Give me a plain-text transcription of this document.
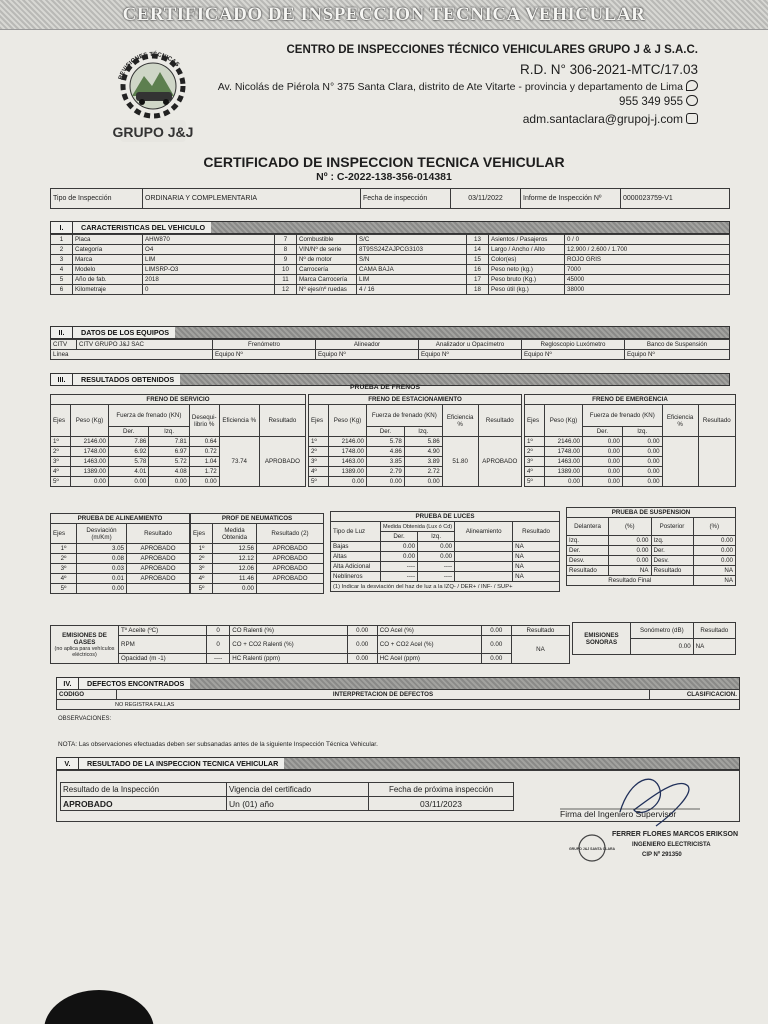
CERTIFICADO DE INSPECCION TECNICA VEHICULAR
REVISIONES TÉCNICAS
GRUPO J&J
CENTRO DE INSPECCIONES TÉCNICO VEHICULARES GRUPO J & J S.A.C.
R.D. N° 306-2021-MTC/17.03
Av. Nicolás de Piérola N° 375 Santa Clara, distrito de Ate Vitarte - provincia y departamento de Lima
955 349 955
adm.santaclara@grupoj-j.com
CERTIFICADO DE INSPECCION TECNICA VEHICULAR
Nº : C-2022-138-356-014381
Tipo de Inspección	ORDINARIA Y COMPLEMENTARIA	Fecha de inspección	03/11/2022	Informe de Inspección Nº	0000023759-V1
I. CARACTERISTICAS DEL VEHICULO
1	Placa	AHW870	7	Combustible	S/C	13	Asientos / Pasajeros	0 / 0
2	Categoría	O4	8	VIN/Nº de serie	8T9SS24ZAJPCG3103	14	Largo / Ancho / Alto	12.900 / 2.600 / 1.700
3	Marca	LIM	9	Nº de motor	S/N	15	Color(es)	ROJO GRIS
4	Modelo	LIMSRP-O3	10	Carrocería	CAMA BAJA	16	Peso neto (kg.)	7000
5	Año de fab.	2018	11	Marca Carrocería	LIM	17	Peso bruto (Kg.)	45000
6	Kilometraje	0	12	Nº ejes/nº ruedas	4 / 16	18	Peso útil (kg.)	38000
II. DATOS DE LOS EQUIPOS
CITV	CITV GRUPO J&J SAC	Frenómetro	Alineador	Analizador u Opacímetro	Regloscopio Luxómetro	Banco de Suspensión
Línea		Equipo Nº	Equipo Nº	Equipo Nº	Equipo Nº	Equipo Nº
III. RESULTADOS OBTENIDOS
PRUEBA DE FRENOS
FRENO DE SERVICIO						
Ejes	Peso (Kg)	Fuerza de frenado (KN)		Desequi-librio %	Eficiencia %	Resultado
		Der.	Izq.			
1º	2146.00	7.86	7.81	0.64	73.74	APROBADO
2º	1748.00	6.92	6.97	0.72		
3º	1463.00	5.78	5.72	1.04		
4º	1389.00	4.01	4.08	1.72		
5º	0.00	0.00	0.00	0.00		
FRENO DE ESTACIONAMIENTO					
Ejes	Peso (Kg)	Fuerza de frenado (KN)		Eficiencia %	Resultado
		Der.	Izq.		
1º	2146.00	5.78	5.86	51.80	APROBADO
2º	1748.00	4.86	4.90		
3º	1463.00	3.85	3.89		
4º	1389.00	2.79	2.72		
5º	0.00	0.00	0.00		
FRENO DE EMERGENCIA					
Ejes	Peso (Kg)	Fuerza de frenado (KN)		Eficiencia %	Resultado
		Der.	Izq.		
1º	2146.00	0.00	0.00		
2º	1748.00	0.00	0.00		
3º	1463.00	0.00	0.00		
4º	1389.00	0.00	0.00		
5º	0.00	0.00	0.00		
PRUEBA DE ALINEAMIENTO		
Ejes	Desviación (m/Km)	Resultado
1º	3.05	APROBADO
2º	0.08	APROBADO
3º	0.03	APROBADO
4º	0.01	APROBADO
5º	0.00	
PROF DE NEUMATICOS		
Ejes	Medida Obtenida	Resultado (2)
1º	12.56	APROBADO
2º	12.12	APROBADO
3º	12.06	APROBADO
4º	11.46	APROBADO
5º	0.00	
PRUEBA DE LUCES				
Tipo de Luz	Medida Obtenida (Lux ó Cd)		Alineamiento	Resultado
	Der.	Izq.		
Bajas	0.00	0.00		NA
Altas	0.00	0.00		NA
Alta Adicional	----	----		NA
Neblineros	----	----		NA
(1) Indicar la desviación del haz de luz a la IZQ- / DER+ / INF- / SUP+				
PRUEBA DE SUSPENSION			
Delantera	(%)	Posterior	(%)
Izq.	0.00	Izq.	0.00
Der.	0.00	Der.	0.00
Desv.	0.00	Desv.	0.00
Resultado	NA	Resultado	NA
Resultado Final			NA
EMISIONES DE GASES
(no aplica para vehículos eléctricos)	Tº Aceite (ºC)	0	CO Ralenti (%)	0.00	CO Acel (%)	0.00	Resultado
	RPM	0	CO + CO2 Ralenti (%)	0.00	CO + CO2 Acel (%)	0.00	NA
	Opacidad (m -1)	----	HC Ralenti (ppm)	0.00	HC Acel (ppm)	0.00	
EMISIONES SONORAS	Sonómetro (dB)	Resultado
	0.00	NA
IV. DEFECTOS ENCONTRADOS
CODIGO	INTERPRETACION DE DEFECTOS	CLASIFICACION.
NO REGISTRA FALLAS
OBSERVACIONES:
NOTA: Las observaciones efectuadas deben ser subsanadas antes de la siguiente Inspección Técnica Vehicular.
V. RESULTADO DE LA INSPECCION TECNICA VEHICULAR
Resultado de la Inspección	Vigencia del certificado	Fecha de próxima inspección
APROBADO	Un (01) año	03/11/2023
Firma del Ingeniero Supervisor
GRUPO J&J SANTA CLARA
FERRER FLORES MARCOS ERIKSON
INGENIERO ELECTRICISTA
CIP Nº 291350
